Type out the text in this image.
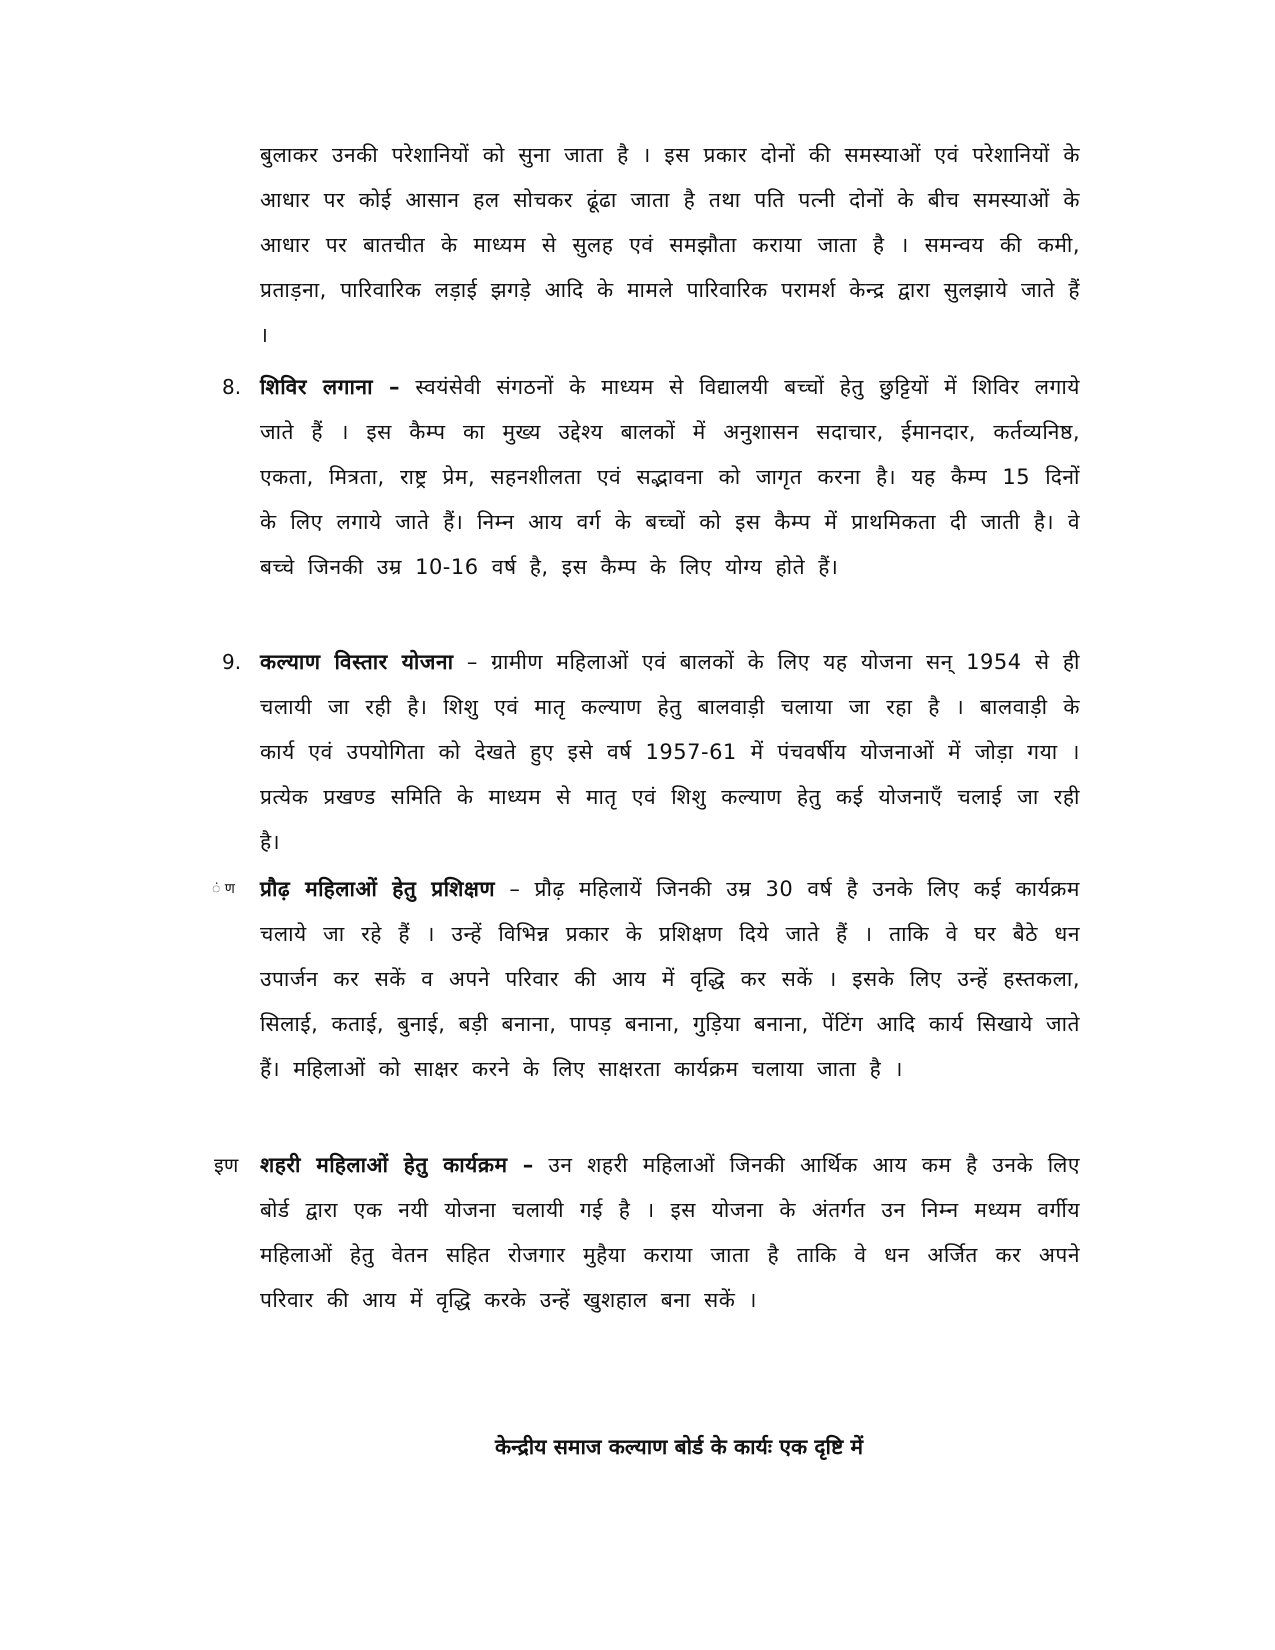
बुलाकर उनकी परेशानियों को सुना जाता है । इस प्रकार दोनों की समस्याओं एवं परेशानियों के आधार पर कोई आसान हल सोचकर ढूंढा जाता है तथा पति पत्नी दोनों के बीच समस्याओं के आधार पर बातचीत के माध्यम से सुलह एवं समझौता कराया जाता है । समन्वय की कमी, प्रताड़ना, पारिवारिक लड़ाई झगड़े आदि के मामले पारिवारिक परामर्श केन्द्र द्वारा सुलझाये जाते हैं ।

8. शिविर लगाना – स्वयंसेवी संगठनों के माध्यम से विद्यालयी बच्चों हेतु छुट्टियों में शिविर लगाये जाते हैं । इस कैम्प का मुख्य उद्देश्य बालकों में अनुशासन सदाचार, ईमानदार, कर्तव्यनिष्ठ, एकता, मित्रता, राष्ट्र प्रेम, सहनशीलता एवं सद्भावना को जागृत करना है। यह कैम्प 15 दिनों के लिए लगाये जाते हैं। निम्न आय वर्ग के बच्चों को इस कैम्प में प्राथमिकता दी जाती है। वे बच्चे जिनकी उम्र 10-16 वर्ष है, इस कैम्प के लिए योग्य होते हैं।

9. कल्याण विस्तार योजना – ग्रामीण महिलाओं एवं बालकों के लिए यह योजना सन् 1954 से ही चलायी जा रही है। शिशु एवं मातृ कल्याण हेतु बालवाड़ी चलाया जा रहा है । बालवाड़ी के कार्य एवं उपयोगिता को देखते हुए इसे वर्ष 1957-61 में पंचवर्षीय योजनाओं में जोड़ा गया । प्रत्येक प्रखण्ड समिति के माध्यम से मातृ एवं शिशु कल्याण हेतु कई योजनाएँ चलाई जा रही है।

ं ण प्रौढ़ महिलाओं हेतु प्रशिक्षण – प्रौढ़ महिलायें जिनकी उम्र 30 वर्ष है उनके लिए कई कार्यक्रम चलाये जा रहे हैं । उन्हें विभिन्न प्रकार के प्रशिक्षण दिये जाते हैं । ताकि वे घर बैठे धन उपार्जन कर सकें व अपने परिवार की आय में वृद्धि कर सकें । इसके लिए उन्हें हस्तकला, सिलाई, कताई, बुनाई, बड़ी बनाना, पापड़ बनाना, गुड़िया बनाना, पेंटिंग आदि कार्य सिखाये जाते हैं। महिलाओं को साक्षर करने के लिए साक्षरता कार्यक्रम चलाया जाता है ।

इण शहरी महिलाओं हेतु कार्यक्रम – उन शहरी महिलाओं जिनकी आर्थिक आय कम है उनके लिए बोर्ड द्वारा एक नयी योजना चलायी गई है । इस योजना के अंतर्गत उन निम्न मध्यम वर्गीय महिलाओं हेतु वेतन सहित रोजगार मुहैया कराया जाता है ताकि वे धन अर्जित कर अपने परिवार की आय में वृद्धि करके उन्हें खुशहाल बना सकें ।

केन्द्रीय समाज कल्याण बोर्ड के कार्यः एक दृष्टि में
